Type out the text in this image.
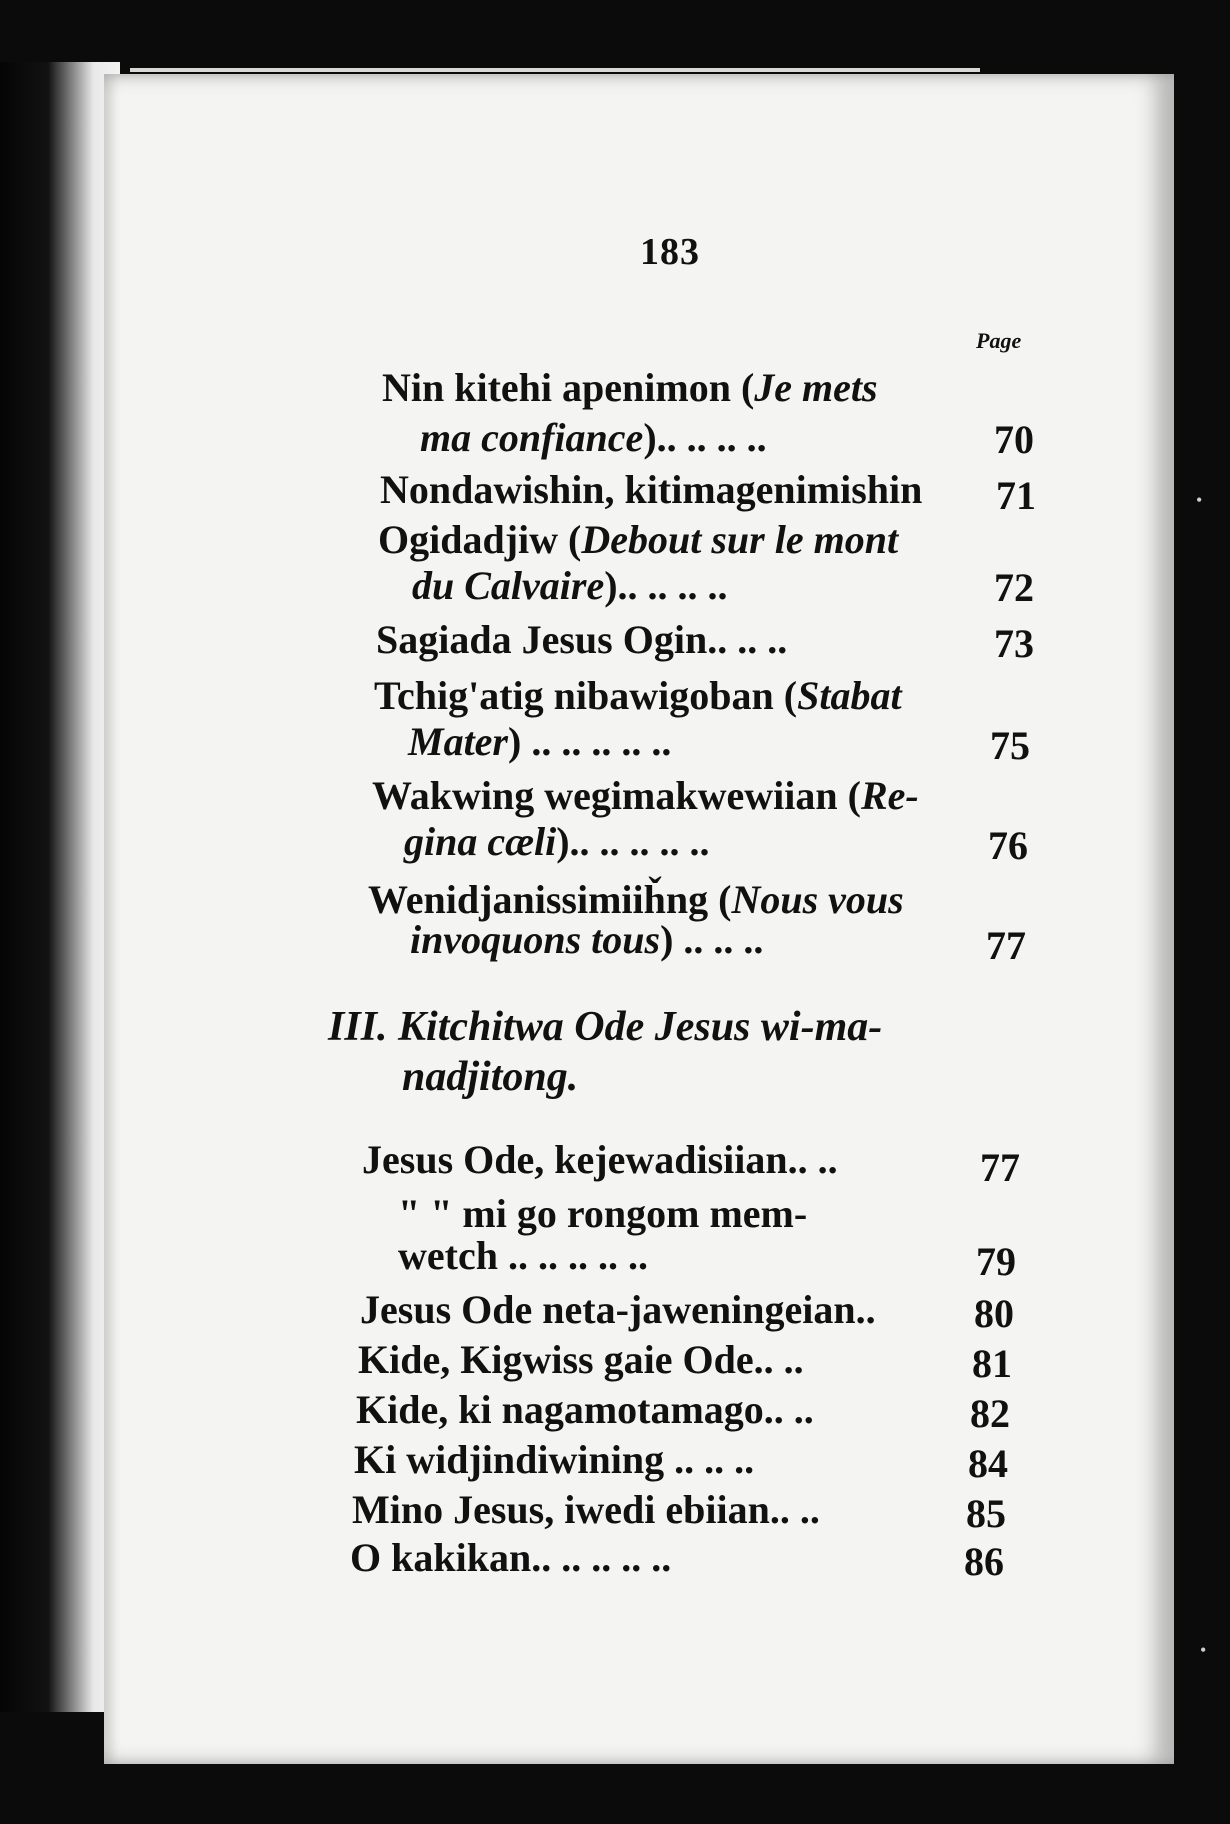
183
Page
Nin kitehi apenimon (Je mets
ma confiance).. .. .. ..	70
Nondawishin, kitimagenimishin 71
Ogidadjiw (Debout sur le mont
du Calvaire).. .. .. ..	72
Sagiada Jesus Ogin.. .. ..	73
Tchig'atig nibawigoban (Stabat
Mater) .. .. .. .. ..	75
Wakwing wegimakwewiian (Re-
gina cæli).. .. .. .. ..	76
Wenidjanissimiiȟng (Nous vous
invoquons tous) .. .. ..	77
III. Kitchitwa Ode Jesus wi-ma-
nadjitong.
Jesus Ode, kejewadisiian.. ..	77
" " mi go rongom mem-
wetch .. .. .. .. ..	79
Jesus Ode neta-jaweningeian.. 80
Kide, Kigwiss gaie Ode.. ..	81
Kide, ki nagamotamago.. ..	82
Ki widjindiwining .. .. ..	84
Mino Jesus, iwedi ebiian.. ..	85
O kakikan.. .. .. .. ..	86
•
•
